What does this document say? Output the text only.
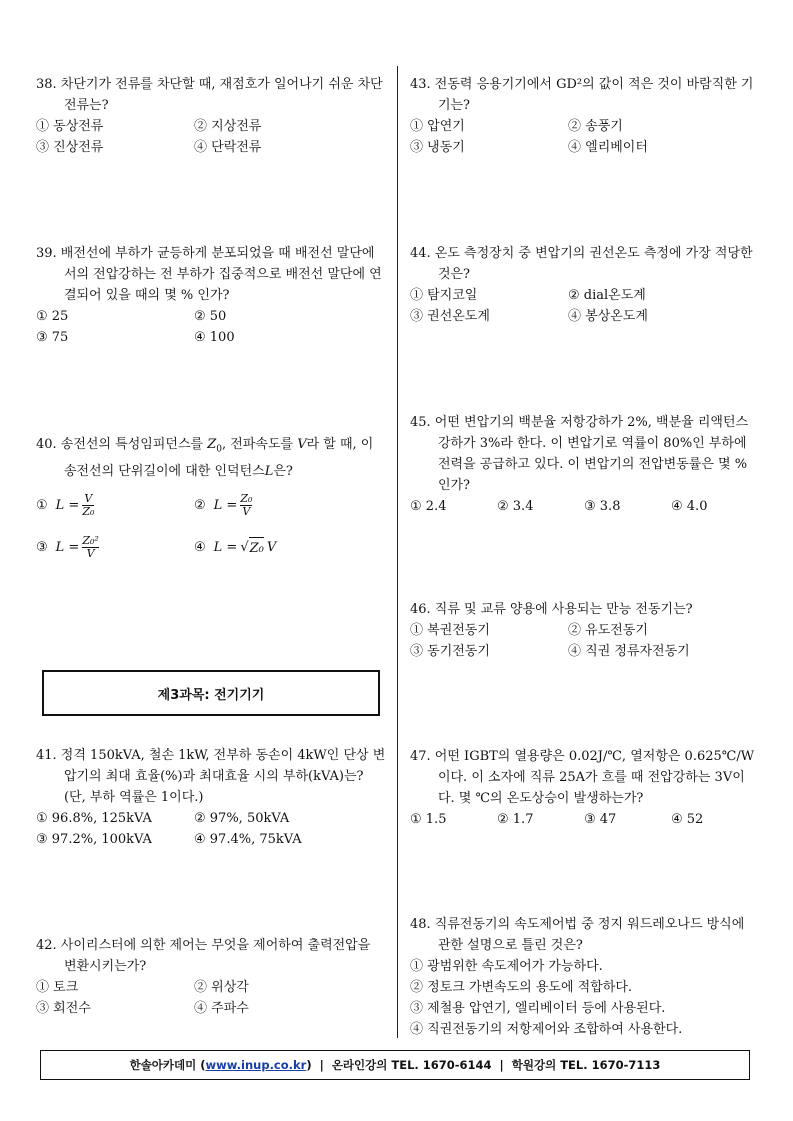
38. 차단기가 전류를 차단할 때, 재점호가 일어나기 쉬운 차단 전류는?
① 동상전류	② 지상전류
③ 진상전류	④ 단락전류
39. 배전선에 부하가 균등하게 분포되었을 때 배전선 말단에서의 전압강하는 전 부하가 집중적으로 배전선 말단에 연결되어 있을 때의 몇 % 인가?
① 25	② 50
③ 75	④ 100
40. 송전선의 특성임피던스를 $Z_0$, 전파속도를 V라 할 때, 이 송전선의 단위길이에 대한 인덕턴스L은?
① $L = \frac{V}{\text{Z₀}}$	② $L = \frac{\text{Z₀}}{V}$
③ $L = \frac{\text{Z₀²}}{V}$	④ L = √ Z₀ V
41. 정격 150kVA, 철손 1kW, 전부하 동손이 4kW인 단상 변압기의 최대 효율(%)과 최대효율 시의 부하(kVA)는? (단, 부하 역률은 1이다.)
① 96.8%, 125kVA	② 97%, 50kVA
③ 97.2%, 100kVA	④ 97.4%, 75kVA
42. 사이리스터에 의한 제어는 무엇을 제어하여 출력전압을 변환시키는가?
① 토크	② 위상각
③ 회전수	④ 주파수
제3과목: 전기기기
43. 전동력 응용기기에서 GD²의 값이 적은 것이 바람직한 기기는?
① 압연기	② 송풍기
③ 냉동기	④ 엘리베이터
44. 온도 측정장치 중 변압기의 권선온도 측정에 가장 적당한 것은?
① 탐지코일	② dial온도계
③ 권선온도계	④ 봉상온도계
45. 어떤 변압기의 백분율 저항강하가 2%, 백분율 리액턴스강하가 3%라 한다. 이 변압기로 역률이 80%인 부하에 전력을 공급하고 있다. 이 변압기의 전압변동률은 몇 % 인가?
① 2.4	② 3.4	③ 3.8	④ 4.0
46. 직류 및 교류 양용에 사용되는 만능 전동기는?
① 복권전동기	② 유도전동기
③ 동기전동기	④ 직권 정류자전동기
47. 어떤 IGBT의 열용량은 0.02J/℃, 열저항은 0.625℃/W이다. 이 소자에 직류 25A가 흐를 때 전압강하는 3V이다. 몇 ℃의 온도상승이 발생하는가?
① 1.5	② 1.7	③ 47	④ 52
48. 직류전동기의 속도제어법 중 정지 워드레오나드 방식에 관한 설명으로 틀린 것은?
① 광범위한 속도제어가 가능하다.
② 정토크 가변속도의 용도에 적합하다.
③ 제철용 압연기, 엘리베이터 등에 사용된다.
④ 직권전동기의 저항제어와 조합하여 사용한다.
한솔아카데미 ( www.inup.co.kr )  |  온라인강의 TEL. 1670-6144  |  학원강의 TEL. 1670-7113
